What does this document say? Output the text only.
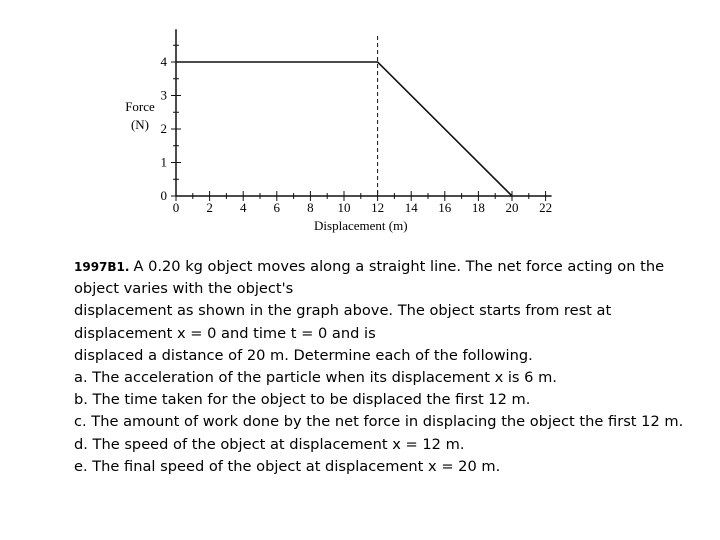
0 2 4 6 8 10 12 14 16 18 20 22
0
1
2
3
4
Force
(N)
Displacement (m)
1997B1. A 0.20 kg object moves along a straight line. The net force acting on the
object varies with the object's
displacement as shown in the graph above. The object starts from rest at
displacement x = 0 and time t = 0 and is
displaced a distance of 20 m. Determine each of the following.
a. The acceleration of the particle when its displacement x is 6 m.
b. The time taken for the object to be displaced the first 12 m.
c. The amount of work done by the net force in displacing the object the first 12 m.
d. The speed of the object at displacement x = 12 m.
e. The final speed of the object at displacement x = 20 m.
